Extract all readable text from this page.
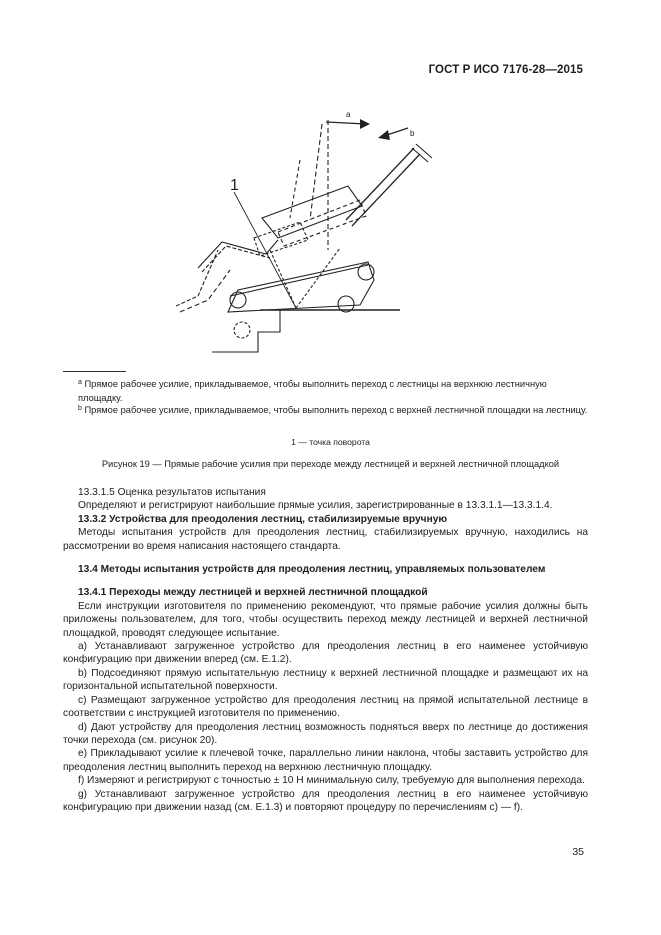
ГОСТ Р ИСО 7176-28—2015
1
a
b
$^a$ Прямое рабочее усилие, прикладываемое, чтобы выполнить переход с лестницы на верхнюю лестничную площадку.
$^b$ Прямое рабочее усилие, прикладываемое, чтобы выполнить переход с верхней лестничной площадки на лестницу.
1 — точка поворота
Рисунок 19 — Прямые рабочие усилия при переходе между лестницей и верхней лестничной площадкой

13.3.1.5 Оценка результатов испытания

Определяют и регистрируют наибольшие прямые усилия, зарегистрированные в 13.3.1.1—13.3.1.4.

13.3.2 Устройства для преодоления лестниц, стабилизируемые вручную

Методы испытания устройств для преодоления лестниц, стабилизируемых вручную, находились на рассмотрении во время написания настоящего стандарта.

13.4 Методы испытания устройств для преодоления лестниц, управляемых пользователем

13.4.1 Переходы между лестницей и верхней лестничной площадкой

Если инструкции изготовителя по применению рекомендуют, что прямые рабочие усилия должны быть приложены пользователем, для того, чтобы осуществить переход между лестницей и верхней лестничной площадкой, проводят следующее испытание.

a) Устанавливают загруженное устройство для преодоления лестниц в его наименее устойчивую конфигурацию при движении вперед (см. Е.1.2).

b) Подсоединяют прямую испытательную лестницу к верхней лестничной площадке и размещают их на горизонтальной испытательной поверхности.

c) Размещают загруженное устройство для преодоления лестниц на прямой испытательной лестнице в соответствии с инструкцией изготовителя по применению.

d) Дают устройству для преодоления лестниц возможность подняться вверх по лестнице до достижения точки перехода (см. рисунок 20).

e) Прикладывают усилие к плечевой точке, параллельно линии наклона, чтобы заставить устройство для преодоления лестниц выполнить переход на верхнюю лестничную площадку.

f) Измеряют и регистрируют с точностью ± 10 Н минимальную силу, требуемую для выполнения перехода.

g) Устанавливают загруженное устройство для преодоления лестниц в его наименее устойчивую конфигурацию при движении назад (см. Е.1.3) и повторяют процедуру по перечислениям с) — f).

35
